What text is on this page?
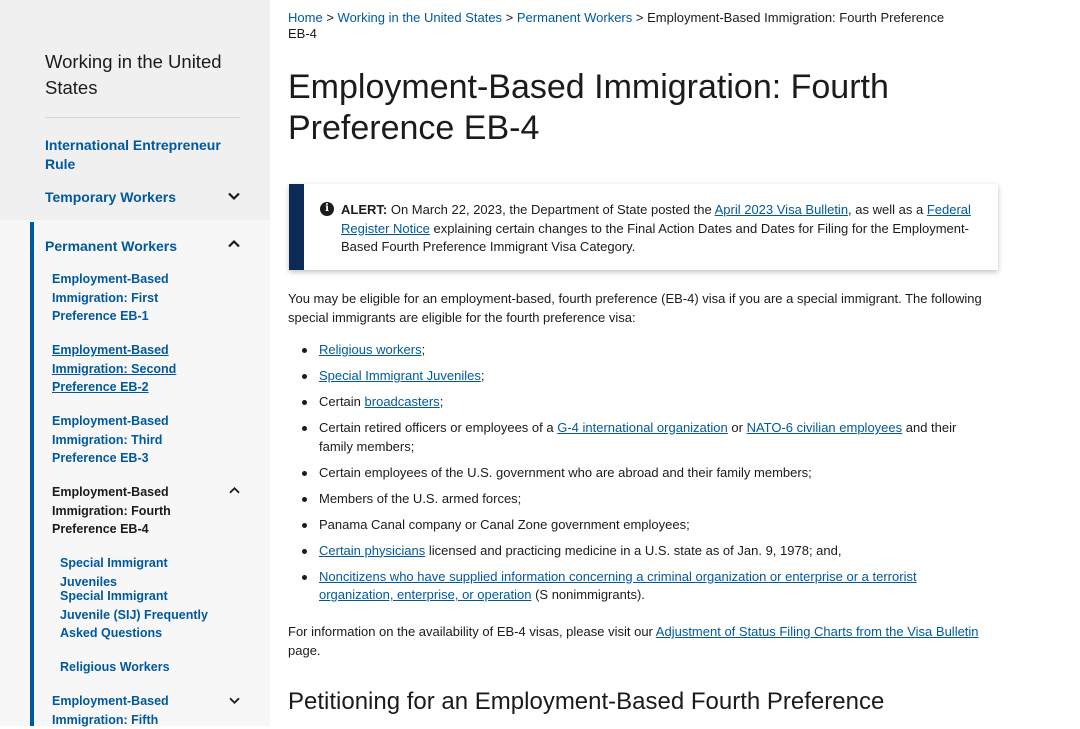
Working in the United States
International Entrepreneur Rule
Temporary Workers
Permanent Workers
Employment-Based Immigration: First Preference EB-1
Employment-Based Immigration: Second Preference EB-2
Employment-Based Immigration: Third Preference EB-3
Employment-Based Immigration: Fourth Preference EB-4
Special Immigrant Juveniles
Special Immigrant Juvenile (SIJ) Frequently Asked Questions
Religious Workers
Employment-Based Immigration: Fifth
Home > Working in the United States > Permanent Workers > Employment-Based Immigration: Fourth Preference EB-4
Employment-Based Immigration: Fourth Preference EB-4
i ALERT: On March 22, 2023, the Department of State posted the April 2023 Visa Bulletin, as well as a Federal Register Notice explaining certain changes to the Final Action Dates and Dates for Filing for the Employment-Based Fourth Preference Immigrant Visa Category.

You may be eligible for an employment-based, fourth preference (EB-4) visa if you are a special immigrant. The following special immigrants are eligible for the fourth preference visa:

Religious workers;
Special Immigrant Juveniles;
Certain broadcasters;
Certain retired officers or employees of a G-4 international organization or NATO-6 civilian employees and their family members;
Certain employees of the U.S. government who are abroad and their family members;
Members of the U.S. armed forces;
Panama Canal company or Canal Zone government employees;
Certain physicians licensed and practicing medicine in a U.S. state as of Jan. 9, 1978; and,
Noncitizens who have supplied information concerning a criminal organization or enterprise or a terrorist organization, enterprise, or operation (S nonimmigrants).

For information on the availability of EB-4 visas, please visit our Adjustment of Status Filing Charts from the Visa Bulletin page.

Petitioning for an Employment-Based Fourth Preference
